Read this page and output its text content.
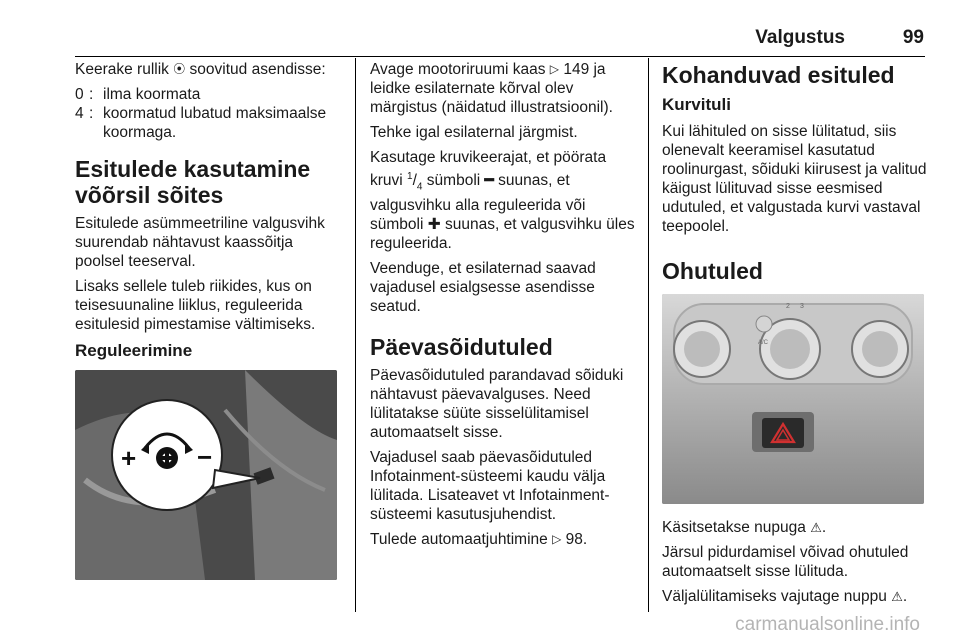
Valgustus	99

Keerake rullik ⦿ soovitud asendisse:

0 : ilma koormata
4 : koormatud lubatud maksimaalse koormaga.
Esitulede kasutamine võõrsil sõites

Esitulede asümmeetriline valgusvihk suurendab nähtavust kaassõitja poolsel teeserval.

Lisaks sellele tuleb riikides, kus on teisesuunaline liiklus, reguleerida esitulesid pimestamise vältimiseks.

Reguleerimine
+ −

Avage mootoriruumi kaas ▷ 149 ja leidke esilaternate kõrval olev märgistus (näidatud illustratsioonil).

Tehke igal esilaternal järgmist.

Kasutage kruvikeerajat, et pöörata kruvi $^1/_4$ sümboli ━ suunas, et valgusvihku alla reguleerida või sümboli ✚ suunas, et valgusvihku üles reguleerida.

Veenduge, et esilaternad saavad vajadusel esialgsesse asendisse seatud.

Päevasõidutuled

Päevasõidutuled parandavad sõiduki nähtavust päevavalguses. Need lülitatakse süüte sisselülitamisel automaatselt sisse.

Vajadusel saab päevasõidutuled Infotainment-süsteemi kaudu välja lülitada. Lisateavet vt Infotainment-süsteemi kasutusjuhendist.

Tulede automaatjuhtimine ▷ 98.

Kohanduvad esituled
Kurvituli

Kui lähituled on sisse lülitatud, siis olenevalt keeramisel kasutatud roolinurgast, sõiduki kiirusest ja valitud käigust lülituvad sisse eesmised udutuled, et valgustada kurvi vastaval teepoolel.

Ohutuled
2 3
A/C

Käsitsetakse nupuga ⚠.

Järsul pidurdamisel võivad ohutuled automaatselt sisse lülituda.

Väljalülitamiseks vajutage nuppu ⚠.

carmanualsonline.info
